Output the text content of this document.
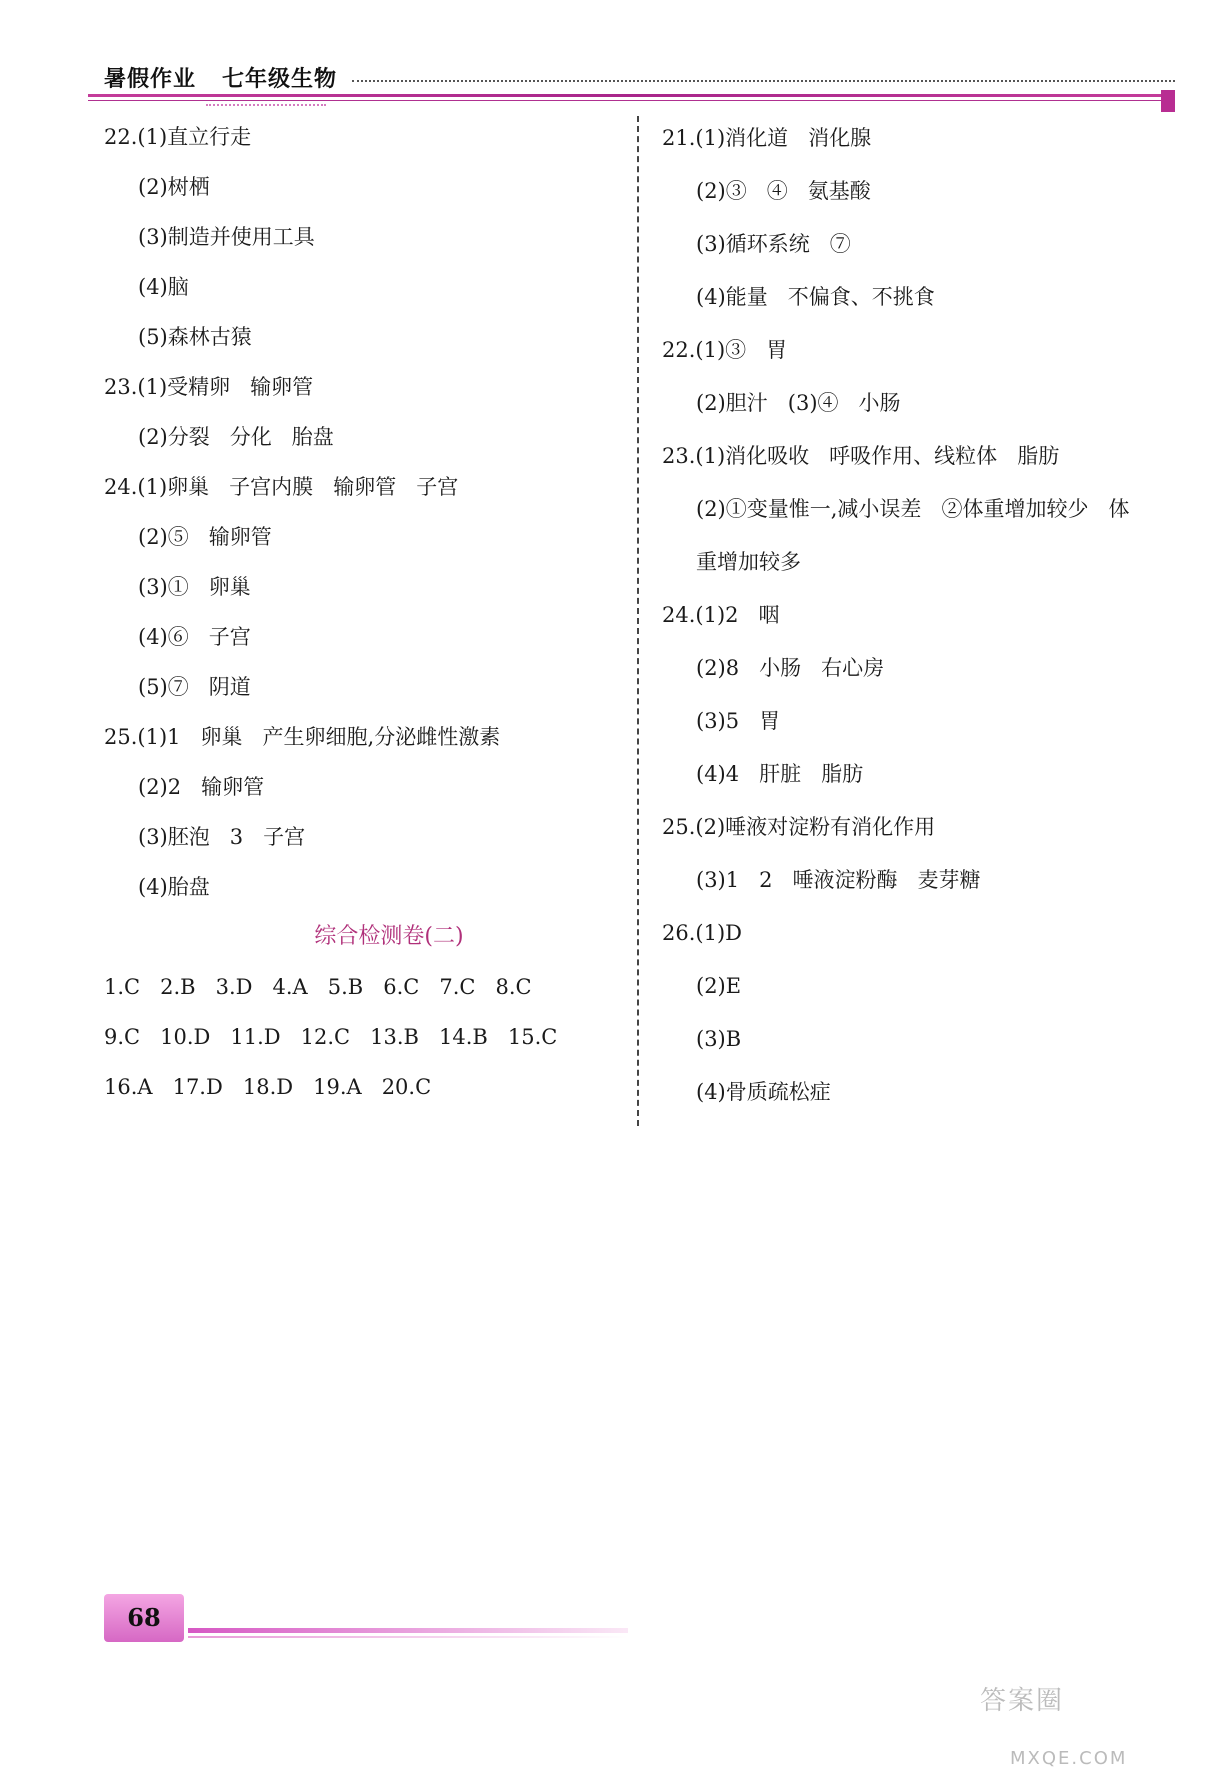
暑假作业 七年级生物
22.(1)直立行走
(2)树栖
(3)制造并使用工具
(4)脑
(5)森林古猿
23.(1)受精卵   输卵管
(2)分裂   分化   胎盘
24.(1)卵巢   子宫内膜   输卵管   子宫
(2)⑤   输卵管
(3)①   卵巢
(4)⑥   子宫
(5)⑦   阴道
25.(1)1   卵巢   产生卵细胞,分泌雌性激素
(2)2   输卵管
(3)胚泡   3   子宫
(4)胎盘
综合检测卷(二)
1.C   2.B   3.D   4.A   5.B   6.C   7.C   8.C
9.C   10.D   11.D   12.C   13.B   14.B   15.C
16.A   17.D   18.D   19.A   20.C
21.(1)消化道   消化腺
(2)③   ④   氨基酸
(3)循环系统   ⑦
(4)能量   不偏食、不挑食
22.(1)③   胃
(2)胆汁   (3)④   小肠
23.(1)消化吸收   呼吸作用、线粒体   脂肪
(2)①变量惟一,减小误差   ②体重增加较少   体
重增加较多
24.(1)2   咽
(2)8   小肠   右心房
(3)5   胃
(4)4   肝脏   脂肪
25.(2)唾液对淀粉有消化作用
(3)1   2   唾液淀粉酶   麦芽糖
26.(1)D
(2)E
(3)B
(4)骨质疏松症
68
答案圈
MXQE.COM
